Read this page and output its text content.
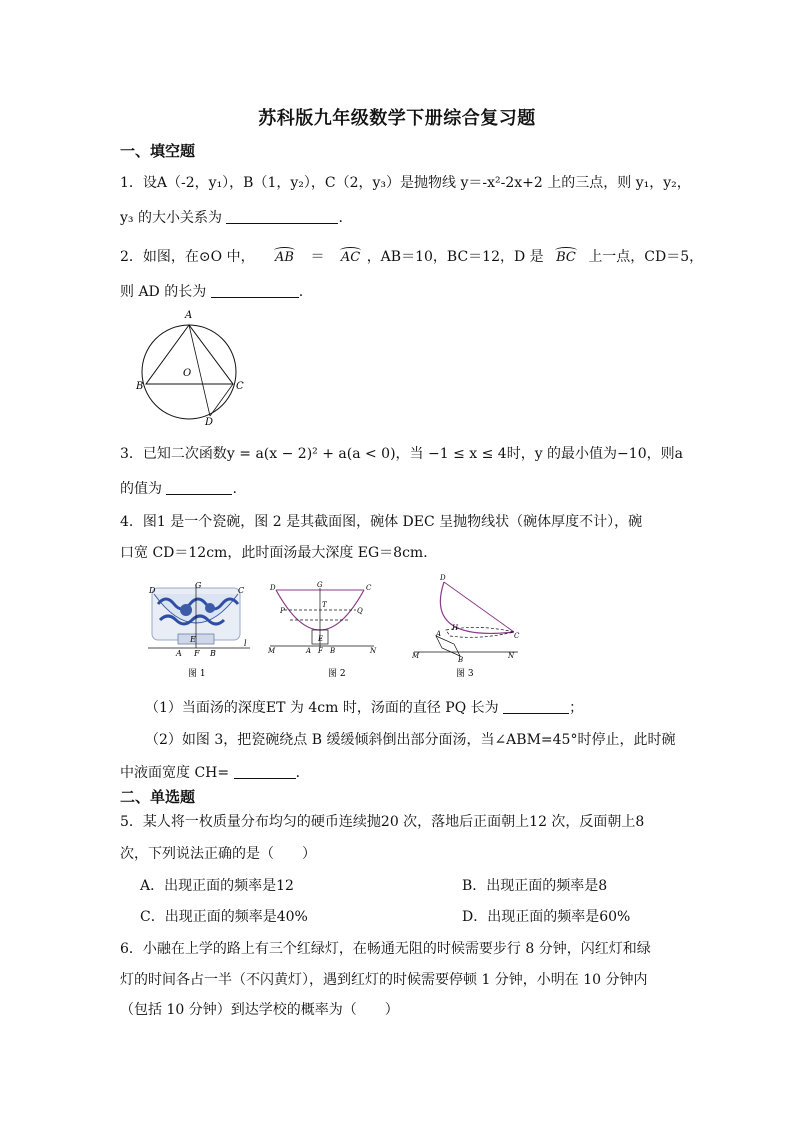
苏科版九年级数学下册综合复习题
一、填空题
1．设A（-2，y₁），B（1，y₂），C（2，y₃）是抛物线 y＝-x²-2x+2 上的三点，则 y₁，y₂，
y₃ 的大小关系为	.
2．如图，在⊙O 中， AB ＝ AC ，AB＝10，BC＝12，D 是 BC 上一点，CD＝5，
则 AD 的长为	.
A
B	C
D
O
3．已知二次函数y = a(x − 2)² + a(a < 0)，当 −1 ≤ x ≤ 4时，y 的最小值为−10，则a
的值为	.
4．图1 是一个瓷碗，图 2 是其截面图，碗体 DEC 呈抛物线状（碗体厚度不计），碗
口宽 CD＝12cm，此时面汤最大深度 EG＝8cm．
D
G
C
E
A F B
l
图 1
D	G	C
T
P	Q
E
M	A F B	N
图 2
D
H
A	C
M	B	N
图 3
（1）当面汤的深度ET 为 4cm 时，汤面的直径 PQ 长为	；
（2）如图 3，把瓷碗绕点 B 缓缓倾斜倒出部分面汤，当∠ABM=45°时停止，此时碗
中液面宽度 CH=	．
二、单选题
5．某人将一枚质量分布均匀的硬币连续抛20 次，落地后正面朝上12 次，反面朝上8
次，下列说法正确的是（　　）
A．出现正面的频率是12	B．出现正面的频率是8
C．出现正面的频率是40%	D．出现正面的频率是60%
6．小融在上学的路上有三个红绿灯，在畅通无阻的时候需要步行 8 分钟，闪红灯和绿
灯的时间各占一半（不闪黄灯），遇到红灯的时候需要停顿 1 分钟，小明在 10 分钟内
（包括 10 分钟）到达学校的概率为（　　）
